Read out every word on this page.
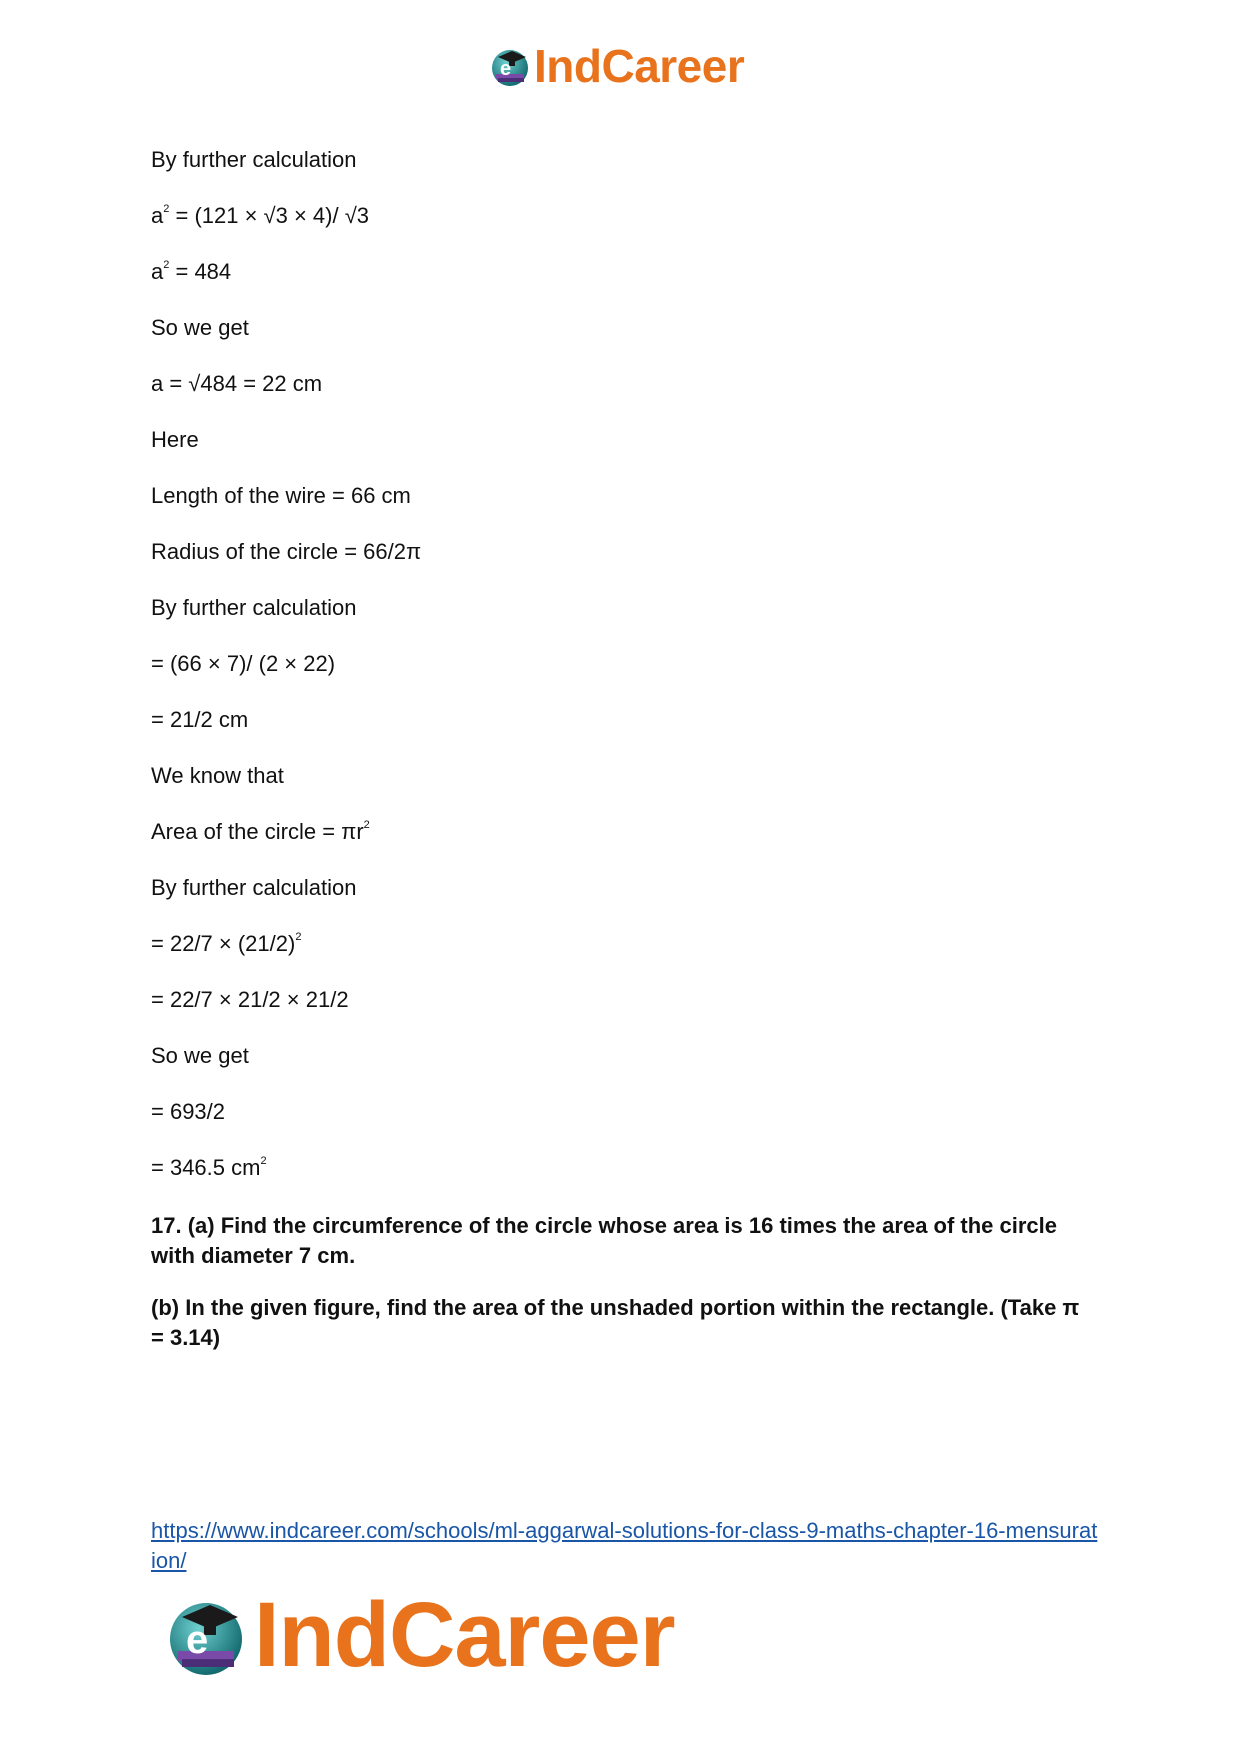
e IndCareer
By further calculation
$a^2 = (121 \times √3 \times 4)/$ √3
$a^2 = 484$
So we get
a = √484 = 22 cm
Here
Length of the wire = 66 cm
Radius of the circle = 66/2π
By further calculation
= (66 × 7)/ (2 × 22)
= 21/2 cm
We know that
Area of the circle = $\pi r^2$
By further calculation
= $22/7 \times (21/2)^2$
= 22/7 × 21/2 × 21/2
So we get
= 693/2
= 346.5 $cm^2$
17. (a) Find the circumference of the circle whose area is 16 times the area of the circle with diameter 7 cm.
(b) In the given figure, find the area of the unshaded portion within the rectangle. (Take π = 3.14)
https://www.indcareer.com/schools/ml-aggarwal-solutions-for-class-9-maths-chapter-16-mensuration/
e IndCareer
